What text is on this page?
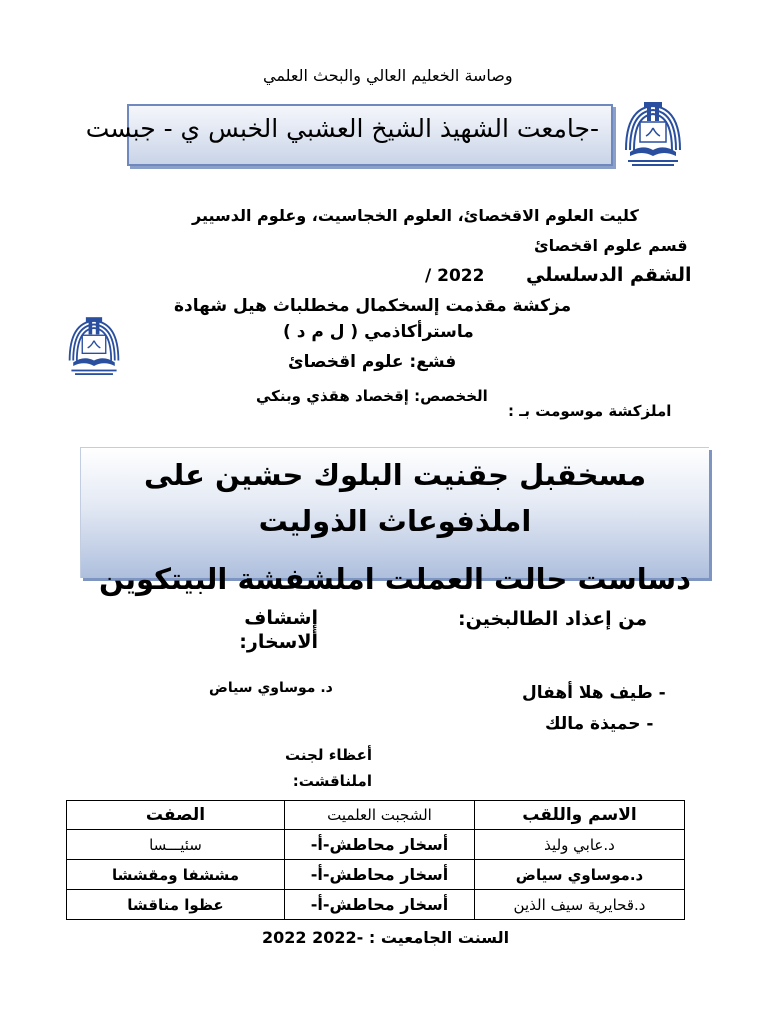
وصاسة الخعليم العالي والبحث العلمي
جامعت الشهيذ الشيخ العشبي الخبس ي - جبست-
كليت العلوم الاقخصائ، العلوم الخجاسيت، وعلوم الدسيير
قسم علوم اقخصائ
الشقم الدسلسلي
/ 2022
مزكشة مقذمت إلسخكمال مخطلباث هيل شهادة
ماسترأكاذمي ( ل م د )
فشع: علوم اقخصائ
الخخصص: إقخصاد هقذي وبنكي
املزكشة موسومت بـ :
مسخقبل جقنيت البلوك حشين على املذفوعاث الذوليت
دساست حالت العملت املشفشة البيتكوين
من إعذاد الطالبخين:
إششاف ألاسخار:
د. موساوي سياض	- طيف هلا أهفال
- حميذة مالك
أعظاء لجنت املناقشت:
الاسم واللقب	الشجبت العلميت	الصفت
د.عابي وليذ	أسخار محاطش-أ-	سئيـــسا
د.موساوي سياض	أسخار محاطش-أ-	مششفا ومقششا
د.قحايرية سيف الذين	أسخار محاطش-أ-	عظوا مناقشا
السنت الجامعيت : -2022 2022
